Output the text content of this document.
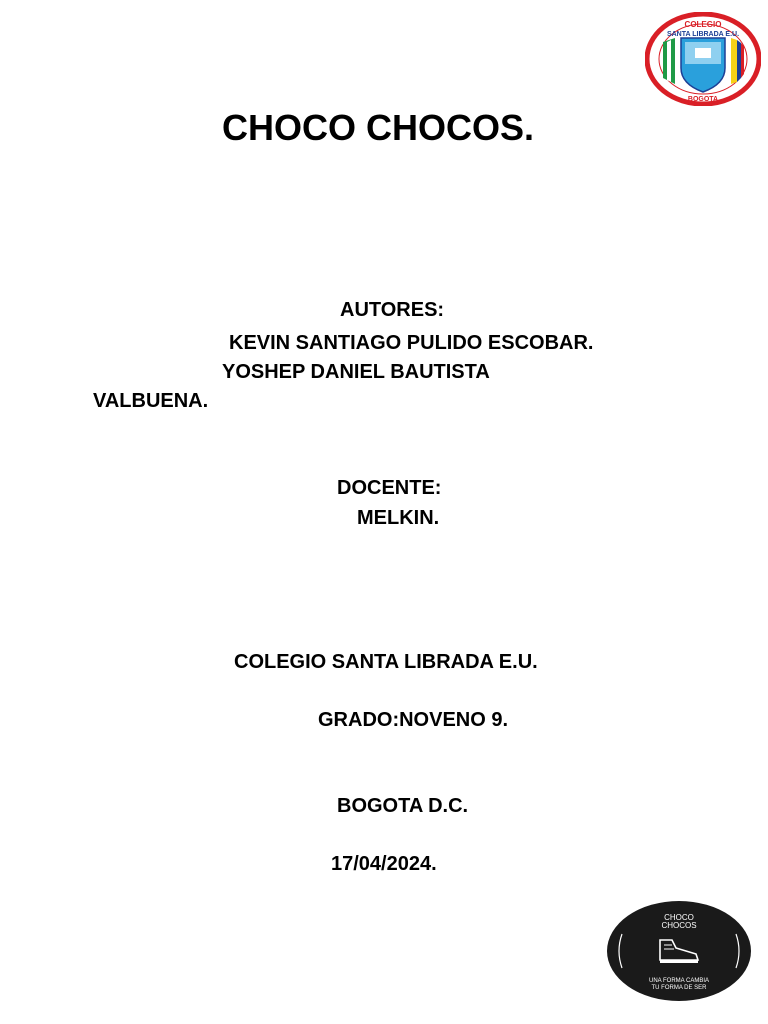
COLEGIO
SANTA LIBRADA E.U.
BOGOTA
CHOCO CHOCOS.
AUTORES:
KEVIN SANTIAGO PULIDO ESCOBAR.
YOSHEP DANIEL BAUTISTA
VALBUENA.
DOCENTE:
MELKIN.
COLEGIO SANTA LIBRADA E.U.
GRADO:NOVENO 9.
BOGOTA D.C.
17/04/2024.
CHOCO
CHOCOS
UNA FORMA CAMBIA
TU FORMA DE SER
